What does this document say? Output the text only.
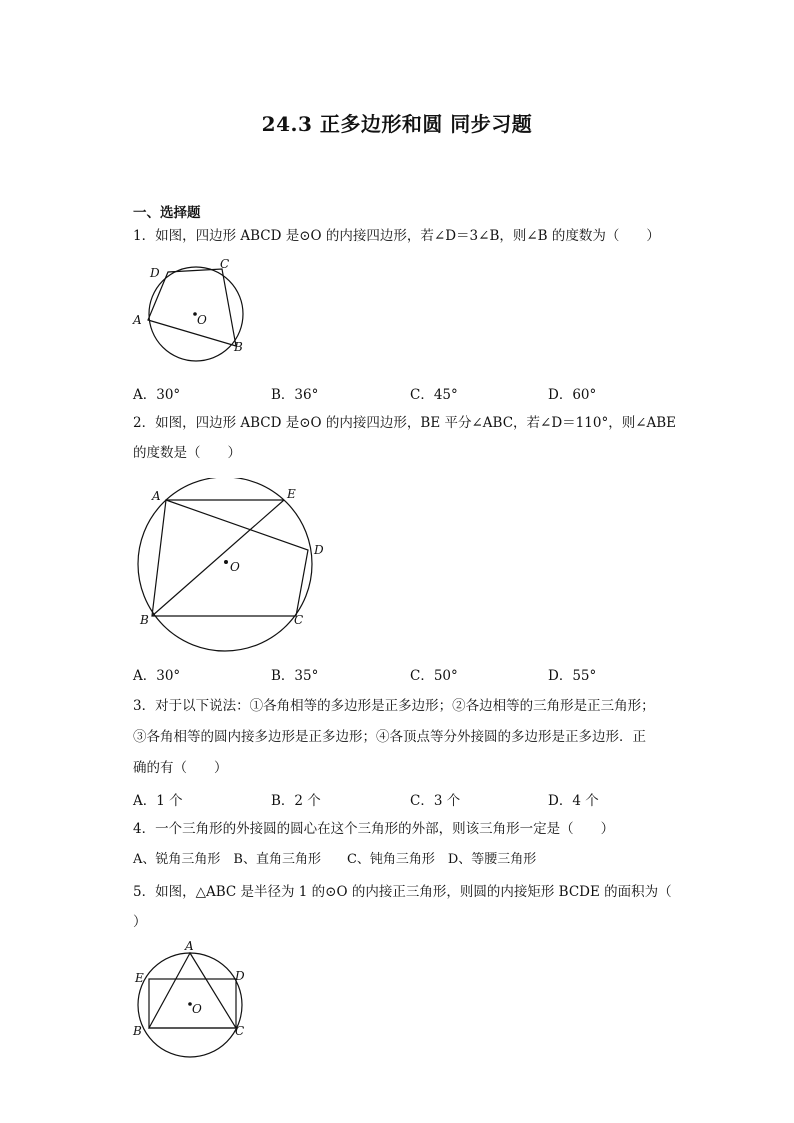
24.3 正多边形和圆 同步习题
一、选择题
1．如图，四边形 ABCD 是⊙O 的内接四边形，若∠D＝3∠B，则∠B 的度数为（　　）
A
B
C
D
O
A．30°	B．36°	C．45°	D．60°
2．如图，四边形 ABCD 是⊙O 的内接四边形，BE 平分∠ABC，若∠D＝110°，则∠ABE
的度数是（　　）
A
B	C
D
E
O
A．30°	B．35°	C．50°	D．55°
3．对于以下说法：①各角相等的多边形是正多边形；②各边相等的三角形是正三角形；
③各角相等的圆内接多边形是正多边形；④各顶点等分外接圆的多边形是正多边形．正
确的有（　　）
A．1 个	B．2 个	C．3 个	D．4 个
4．一个三角形的外接圆的圆心在这个三角形的外部，则该三角形一定是（　　）
A、锐角三角形　B、直角三角形　　C、钝角三角形　D、等腰三角形
5．如图，△ABC 是半径为 1 的⊙O 的内接正三角形，则圆的内接矩形 BCDE 的面积为（
）
A
B	C
D
E
O
